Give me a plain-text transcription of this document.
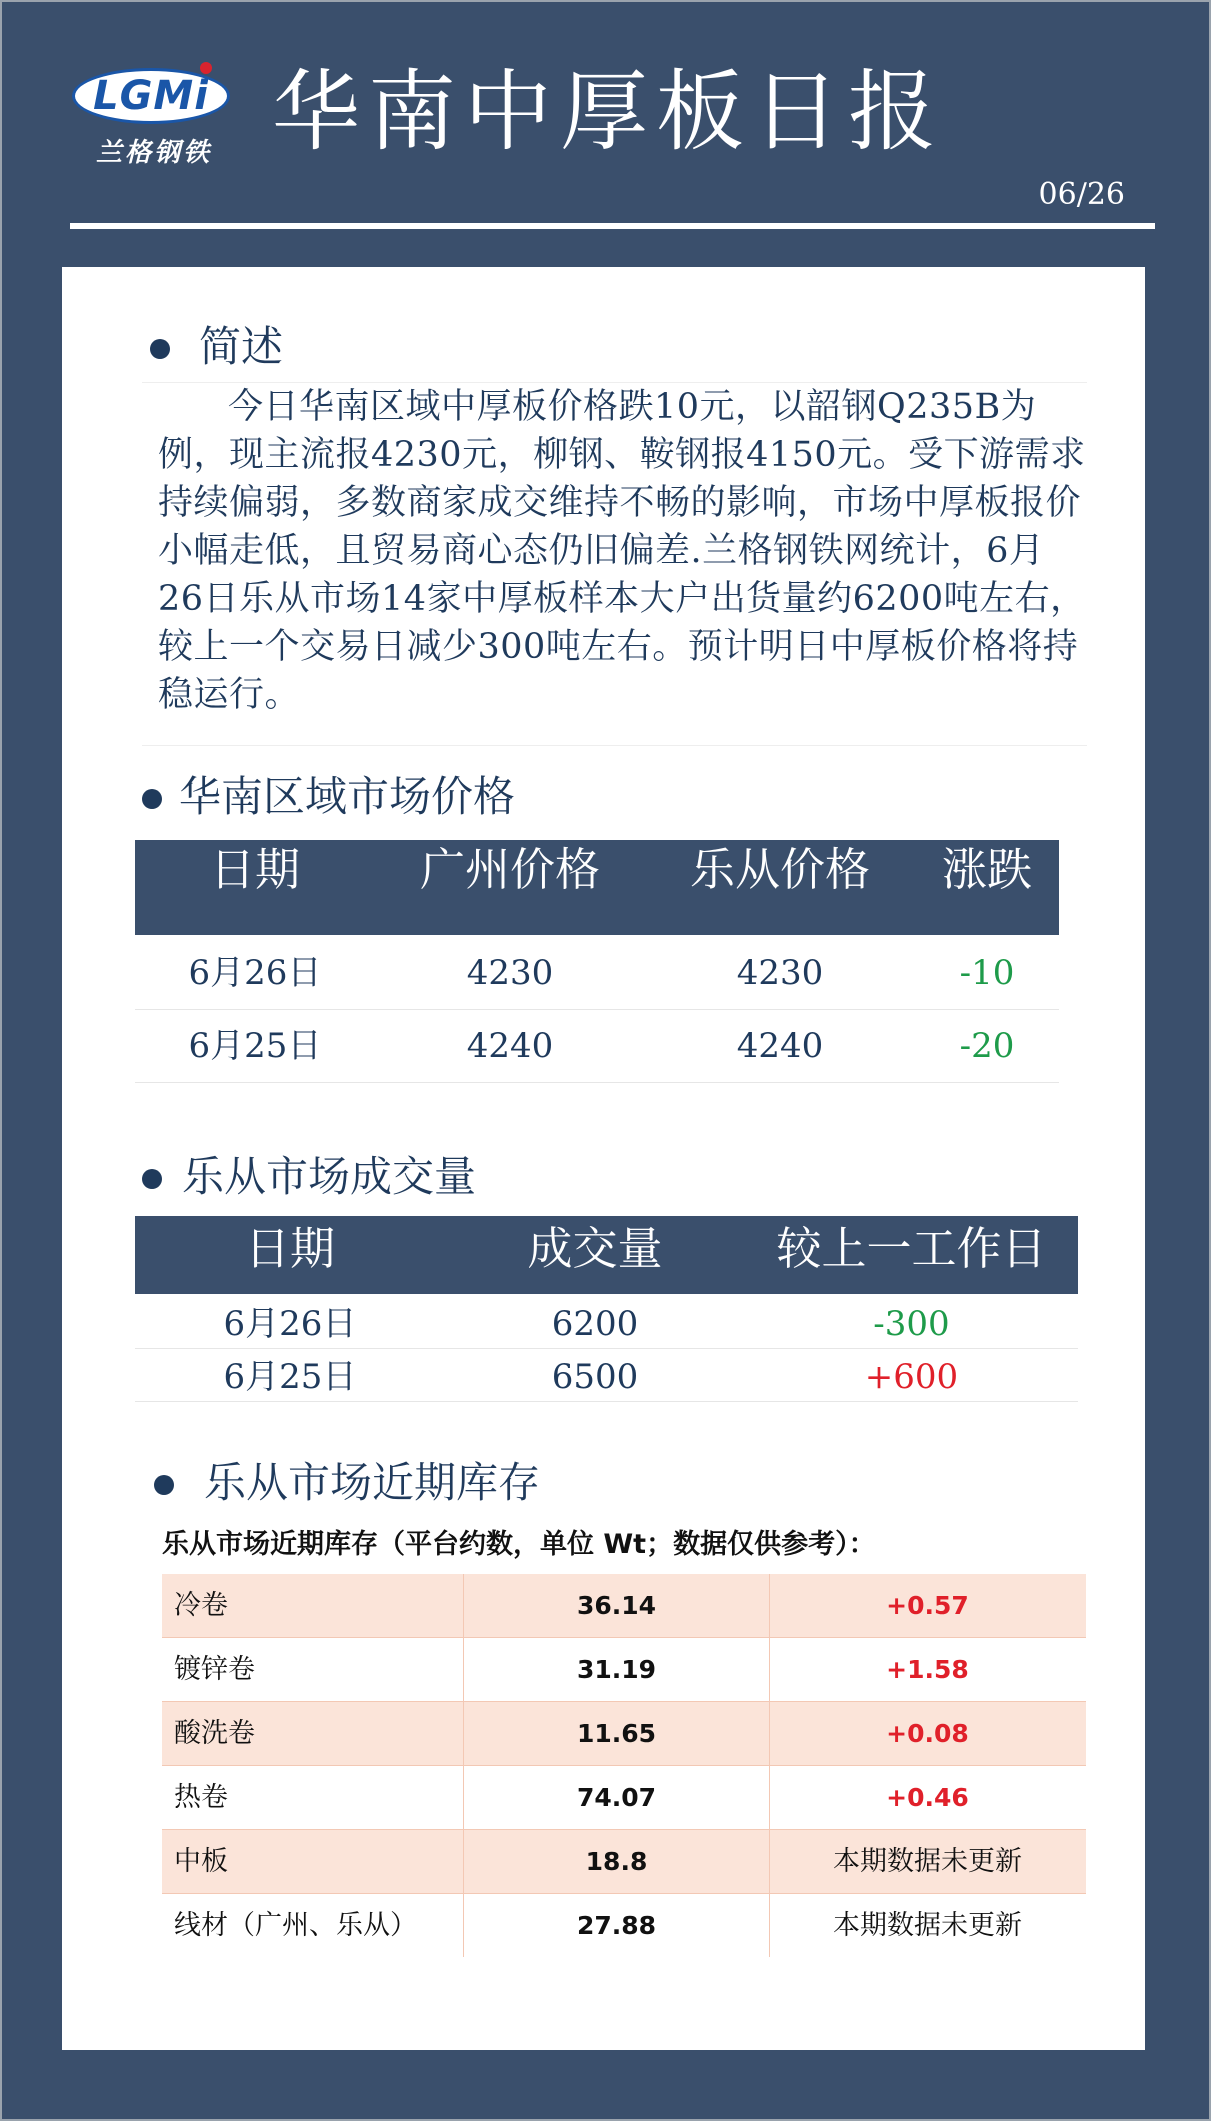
LGMi
兰格钢铁 华南中厚板日报
06/26
简述

今日华南区域中厚板价格跌10元，以韶钢Q235B为例，现主流报4230元，柳钢、鞍钢报4150元。受下游需求持续偏弱，多数商家成交维持不畅的影响，市场中厚板报价小幅走低，且贸易商心态仍旧偏差.兰格钢铁网统计，6月26日乐从市场14家中厚板样本大户出货量约6200吨左右，较上一个交易日减少300吨左右。预计明日中厚板价格将持稳运行。

华南区域市场价格
日期	广州价格	乐从价格	涨跌
6月26日	4230	4230	-10
6月25日	4240	4240	-20
乐从市场成交量
日期	成交量	较上一工作日
6月26日	6200	-300
6月25日	6500	+600
乐从市场近期库存
乐从市场近期库存（平台约数，单位 Wt；数据仅供参考）：
冷卷	36.14	+0.57
镀锌卷	31.19	+1.58
酸洗卷	11.65	+0.08
热卷	74.07	+0.46
中板	18.8	本期数据未更新
线材（广州、乐从）	27.88	本期数据未更新
